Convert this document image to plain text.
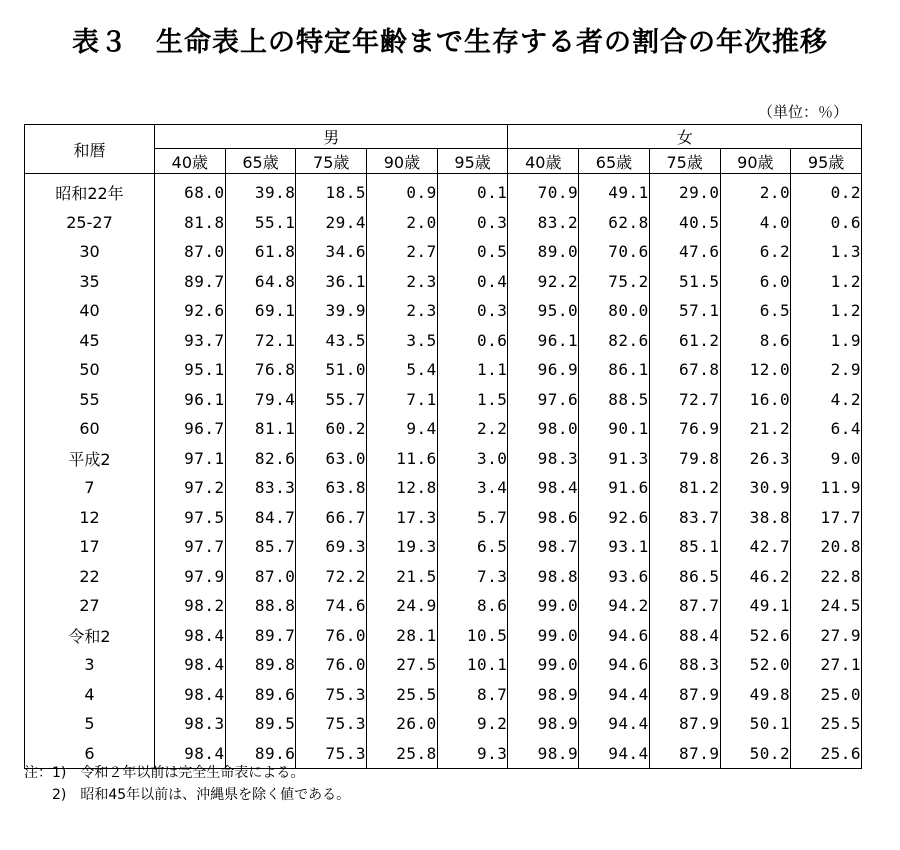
表３　生命表上の特定年齢まで生存する者の割合の年次推移
（単位：％）
和暦	男					女				
	40歳	65歳	75歳	90歳	95歳	40歳	65歳	75歳	90歳	95歳
昭和22年	68.0	39.8	18.5	0.9	0.1	70.9	49.1	29.0	2.0	0.2
25-27	81.8	55.1	29.4	2.0	0.3	83.2	62.8	40.5	4.0	0.6
30	87.0	61.8	34.6	2.7	0.5	89.0	70.6	47.6	6.2	1.3
35	89.7	64.8	36.1	2.3	0.4	92.2	75.2	51.5	6.0	1.2
40	92.6	69.1	39.9	2.3	0.3	95.0	80.0	57.1	6.5	1.2
45	93.7	72.1	43.5	3.5	0.6	96.1	82.6	61.2	8.6	1.9
50	95.1	76.8	51.0	5.4	1.1	96.9	86.1	67.8	12.0	2.9
55	96.1	79.4	55.7	7.1	1.5	97.6	88.5	72.7	16.0	4.2
60	96.7	81.1	60.2	9.4	2.2	98.0	90.1	76.9	21.2	6.4
平成2	97.1	82.6	63.0	11.6	3.0	98.3	91.3	79.8	26.3	9.0
7	97.2	83.3	63.8	12.8	3.4	98.4	91.6	81.2	30.9	11.9
12	97.5	84.7	66.7	17.3	5.7	98.6	92.6	83.7	38.8	17.7
17	97.7	85.7	69.3	19.3	6.5	98.7	93.1	85.1	42.7	20.8
22	97.9	87.0	72.2	21.5	7.3	98.8	93.6	86.5	46.2	22.8
27	98.2	88.8	74.6	24.9	8.6	99.0	94.2	87.7	49.1	24.5
令和2	98.4	89.7	76.0	28.1	10.5	99.0	94.6	88.4	52.6	27.9
3	98.4	89.8	76.0	27.5	10.1	99.0	94.6	88.3	52.0	27.1
4	98.4	89.6	75.3	25.5	8.7	98.9	94.4	87.9	49.8	25.0
5	98.3	89.5	75.3	26.0	9.2	98.9	94.4	87.9	50.1	25.5
6	98.4	89.6	75.3	25.8	9.3	98.9	94.4	87.9	50.2	25.6
注：1)　令和２年以前は完全生命表による。
　　2)　昭和45年以前は、沖縄県を除く値である。
